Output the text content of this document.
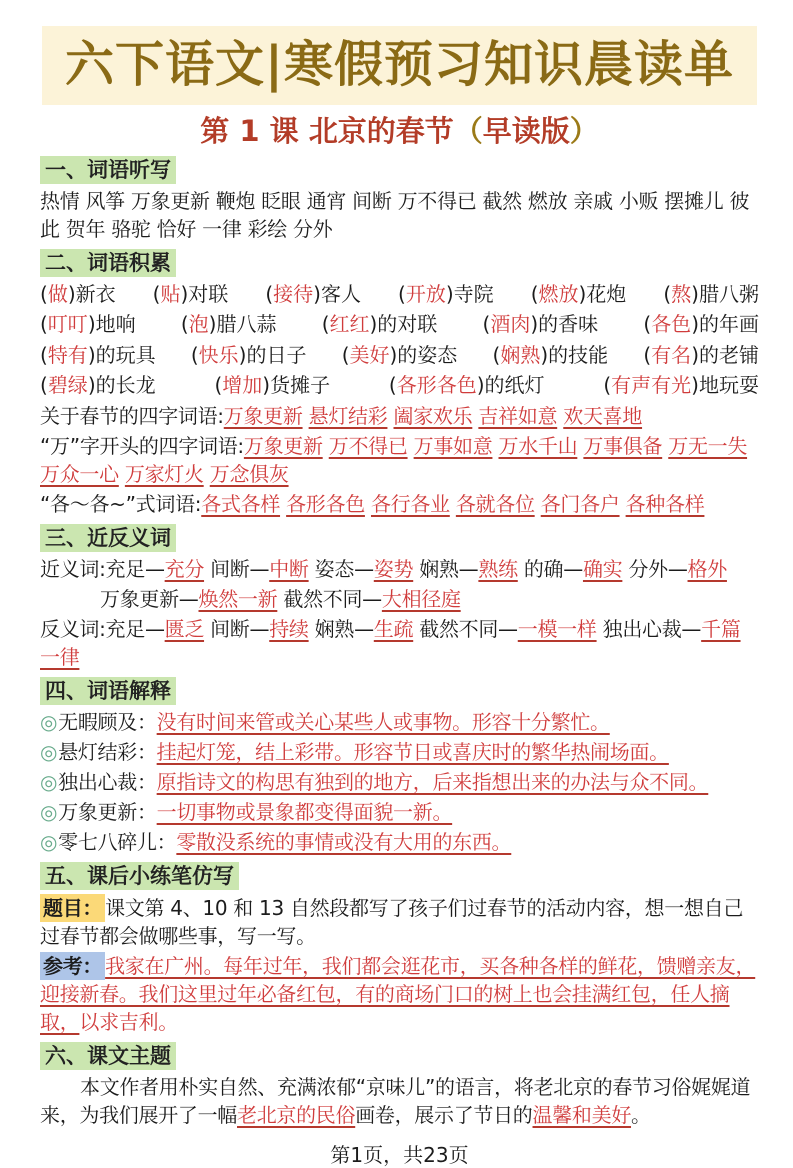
六下语文|寒假预习知识晨读单
第 1 课 北京的春节（早读版）
一、词语听写
热情 风筝 万象更新 鞭炮 眨眼 通宵 间断 万不得已 截然 燃放 亲戚 小贩 摆摊儿 彼此 贺年 骆驼 恰好 一律 彩绘 分外
二、词语积累
(做)新衣 (贴)对联 (接待)客人 (开放)寺院 (燃放)花炮 (熬)腊八粥
(叮叮)地响 (泡)腊八蒜 (红红)的对联 (酒肉)的香味 (各色)的年画
(特有)的玩具 (快乐)的日子 (美好)的姿态 (娴熟)的技能 (有名)的老铺
(碧绿)的长龙	(增加)货摊子	(各形各色)的纸灯	(有声有光)地玩耍
关于春节的四字词语:万象更新 悬灯结彩 阖家欢乐 吉祥如意 欢天喜地
“万”字开头的四字词语:万象更新 万不得已 万事如意 万水千山 万事俱备 万无一失 万众一心 万家灯火 万念俱灰
“各～各~”式词语:各式各样 各形各色 各行各业 各就各位 各门各户 各种各样
三、近反义词
近义词:充足—充分 间断—中断 姿态—姿势 娴熟—熟练 的确—确实 分外—格外
万象更新—焕然一新 截然不同—大相径庭
反义词:充足—匮乏 间断—持续 娴熟—生疏 截然不同—一模一样 独出心裁—千篇一律
四、词语解释
◎无暇顾及：没有时间来管或关心某些人或事物。形容十分繁忙。
◎悬灯结彩：挂起灯笼，结上彩带。形容节日或喜庆时的繁华热闹场面。
◎独出心裁：原指诗文的构思有独到的地方，后来指想出来的办法与众不同。
◎万象更新：一切事物或景象都变得面貌一新。
◎零七八碎儿：零散没系统的事情或没有大用的东西。
五、课后小练笔仿写
题目： 课文第 4、10 和 13 自然段都写了孩子们过春节的活动内容，想一想自己过春节都会做哪些事，写一写。
参考： 我家在广州。每年过年，我们都会逛花市，买各种各样的鲜花，馈赠亲友，迎接新春。我们这里过年必备红包，有的商场门口的树上也会挂满红包，任人摘取，以求吉利。
六、课文主题
本文作者用朴实自然、充满浓郁“京味儿”的语言，将老北京的春节习俗娓娓道来，为我们展开了一幅老北京的民俗画卷，展示了节日的温馨和美好。
第1页，共23页
